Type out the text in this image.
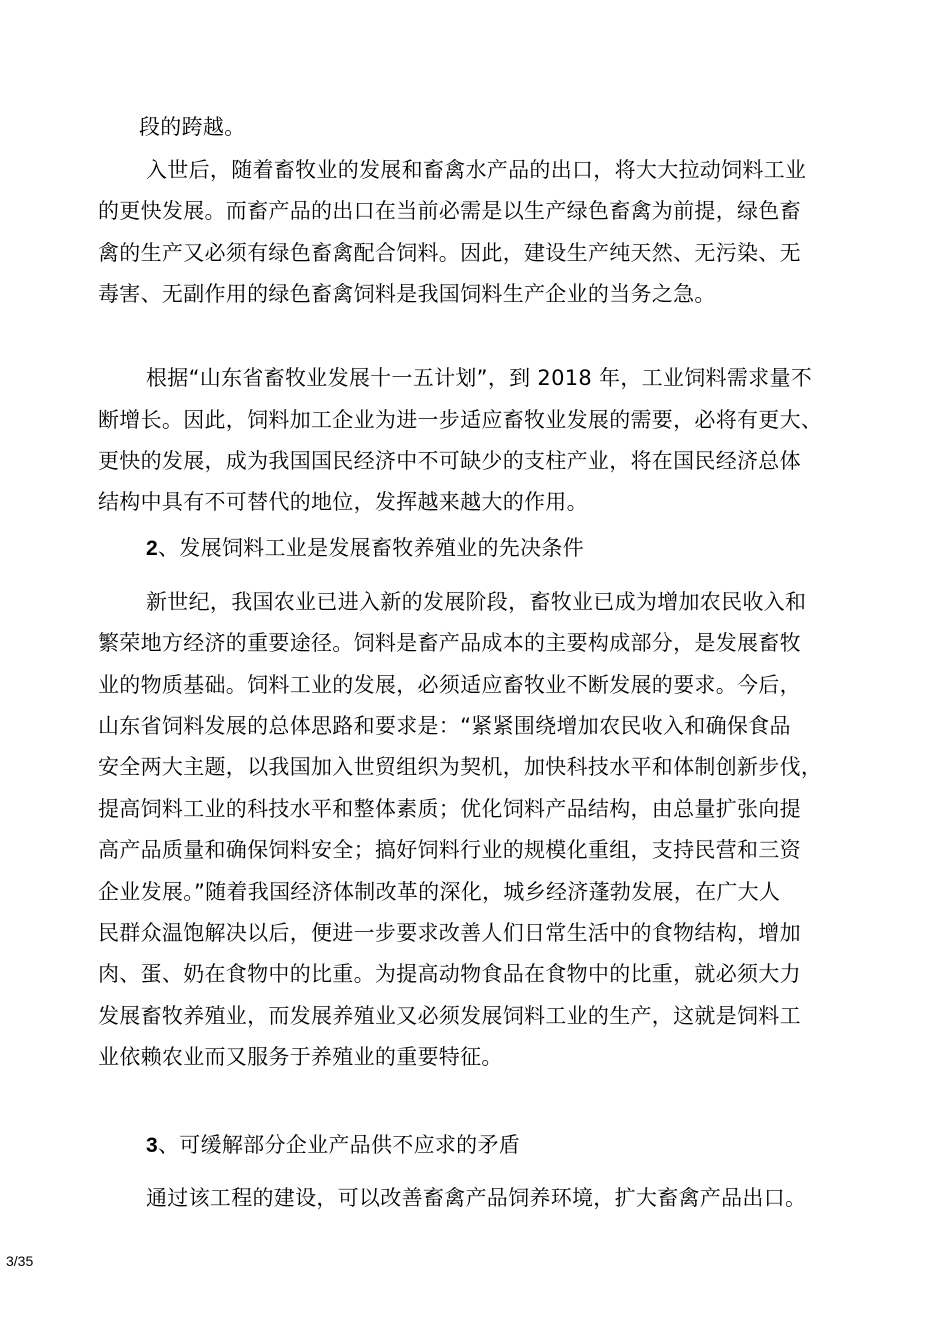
段的跨越。
入世后，随着畜牧业的发展和畜禽水产品的出口，将大大拉动饲料工业
的更快发展。而畜产品的出口在当前必需是以生产绿色畜禽为前提，绿色畜
禽的生产又必须有绿色畜禽配合饲料。因此，建设生产纯天然、无污染、无
毒害、无副作用的绿色畜禽饲料是我国饲料生产企业的当务之急。
根据“山东省畜牧业发展十一五计划”，到 2018 年，工业饲料需求量不
断增长。因此，饲料加工企业为进一步适应畜牧业发展的需要，必将有更大、
更快的发展，成为我国国民经济中不可缺少的支柱产业，将在国民经济总体
结构中具有不可替代的地位，发挥越来越大的作用。
2、发展饲料工业是发展畜牧养殖业的先决条件
新世纪，我国农业已进入新的发展阶段，畜牧业已成为增加农民收入和
繁荣地方经济的重要途径。饲料是畜产品成本的主要构成部分，是发展畜牧
业的物质基础。饲料工业的发展，必须适应畜牧业不断发展的要求。今后，
山东省饲料发展的总体思路和要求是：“紧紧围绕增加农民收入和确保食品
安全两大主题，以我国加入世贸组织为契机，加快科技水平和体制创新步伐，
提高饲料工业的科技水平和整体素质；优化饲料产品结构，由总量扩张向提
高产品质量和确保饲料安全；搞好饲料行业的规模化重组，支持民营和三资
企业发展。”随着我国经济体制改革的深化，城乡经济蓬勃发展，在广大人
民群众温饱解决以后，便进一步要求改善人们日常生活中的食物结构，增加
肉、蛋、奶在食物中的比重。为提高动物食品在食物中的比重，就必须大力
发展畜牧养殖业，而发展养殖业又必须发展饲料工业的生产，这就是饲料工
业依赖农业而又服务于养殖业的重要特征。
3、可缓解部分企业产品供不应求的矛盾
通过该工程的建设，可以改善畜禽产品饲养环境，扩大畜禽产品出口。
3/35
